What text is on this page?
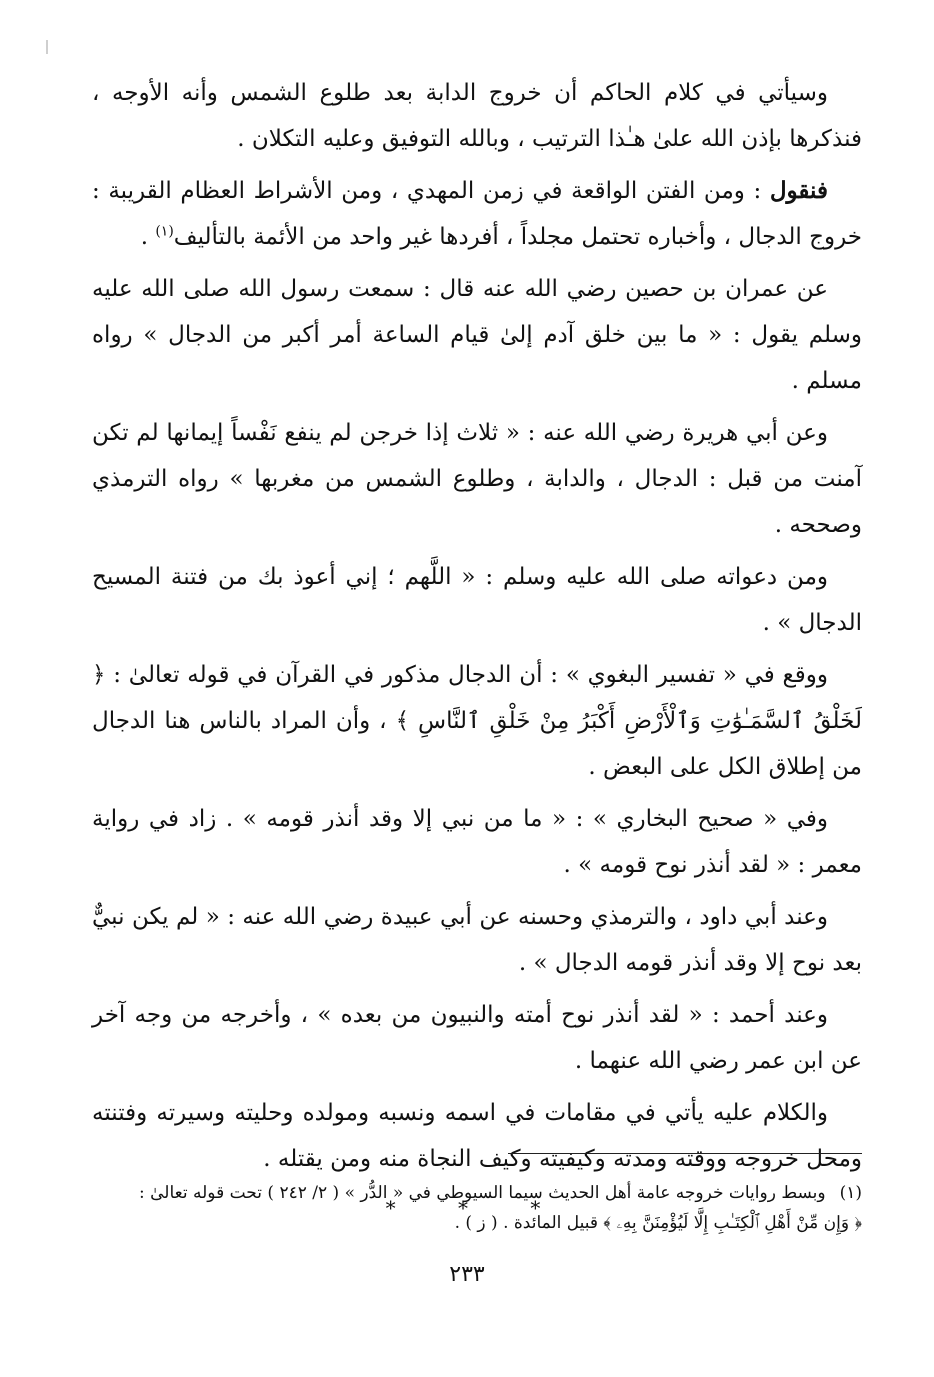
وسيأتي في كلام الحاكم أن خروج الدابة بعد طلوع الشمس وأنه الأوجه ، فنذكرها بإذن الله علىٰ هـٰذا الترتيب ، وبالله التوفيق وعليه التكلان .

فنقول : ومن الفتن الواقعة في زمن المهدي ، ومن الأشراط العظام القريبة : خروج الدجال ، وأخباره تحتمل مجلداً ، أفردها غير واحد من الأئمة بالتأليف$^{(١)}$ .

عن عمران بن حصين رضي الله عنه قال : سمعت رسول الله صلى الله عليه وسلم يقول : « ما بين خلق آدم إلىٰ قيام الساعة أمر أكبر من الدجال » رواه مسلم .

وعن أبي هريرة رضي الله عنه : « ثلاث إذا خرجن لم ينفع نَفْساً إيمانها لم تكن آمنت من قبل : الدجال ، والدابة ، وطلوع الشمس من مغربها » رواه الترمذي وصححه .

ومن دعواته صلى الله عليه وسلم : « اللَّهم ؛ إني أعوذ بك من فتنة المسيح الدجال » .

ووقع في « تفسير البغوي » : أن الدجال مذكور في القرآن في قوله تعالىٰ : ﴿ لَخَلْقُ ٱلسَّمَـٰوَٰتِ وَٱلْأَرْضِ أَكْبَرُ مِنْ خَلْقِ ٱلنَّاسِ ﴾ ، وأن المراد بالناس هنا الدجال من إطلاق الكل على البعض .

وفي « صحيح البخاري » : « ما من نبي إلا وقد أنذر قومه » . زاد في رواية معمر : « لقد أنذر نوح قومه » .

وعند أبي داود ، والترمذي وحسنه عن أبي عبيدة رضي الله عنه : « لم يكن نبيٌّ بعد نوح إلا وقد أنذر قومه الدجال » .

وعند أحمد : « لقد أنذر نوح أمته والنبيون من بعده » ، وأخرجه من وجه آخر عن ابن عمر رضي الله عنهما .

والكلام عليه يأتي في مقامات في اسمه ونسبه ومولده وحليته وسيرته وفتنته ومحل خروجه ووقته ومدته وكيفيته وكيف النجاة منه ومن يقتله .

* * *
(١)وبسط روايات خروجه عامة أهل الحديث سيما السيوطي في « الدُّر » ( ٢/ ٢٤٢ ) تحت قوله تعالىٰ :
﴿ وَإِن مِّنْ أَهْلِ ٱلْكِتَـٰبِ إِلَّا لَيُؤْمِنَنَّ بِهِۦ ﴾ قبيل المائدة . ( ز ) .
٢٣٣
